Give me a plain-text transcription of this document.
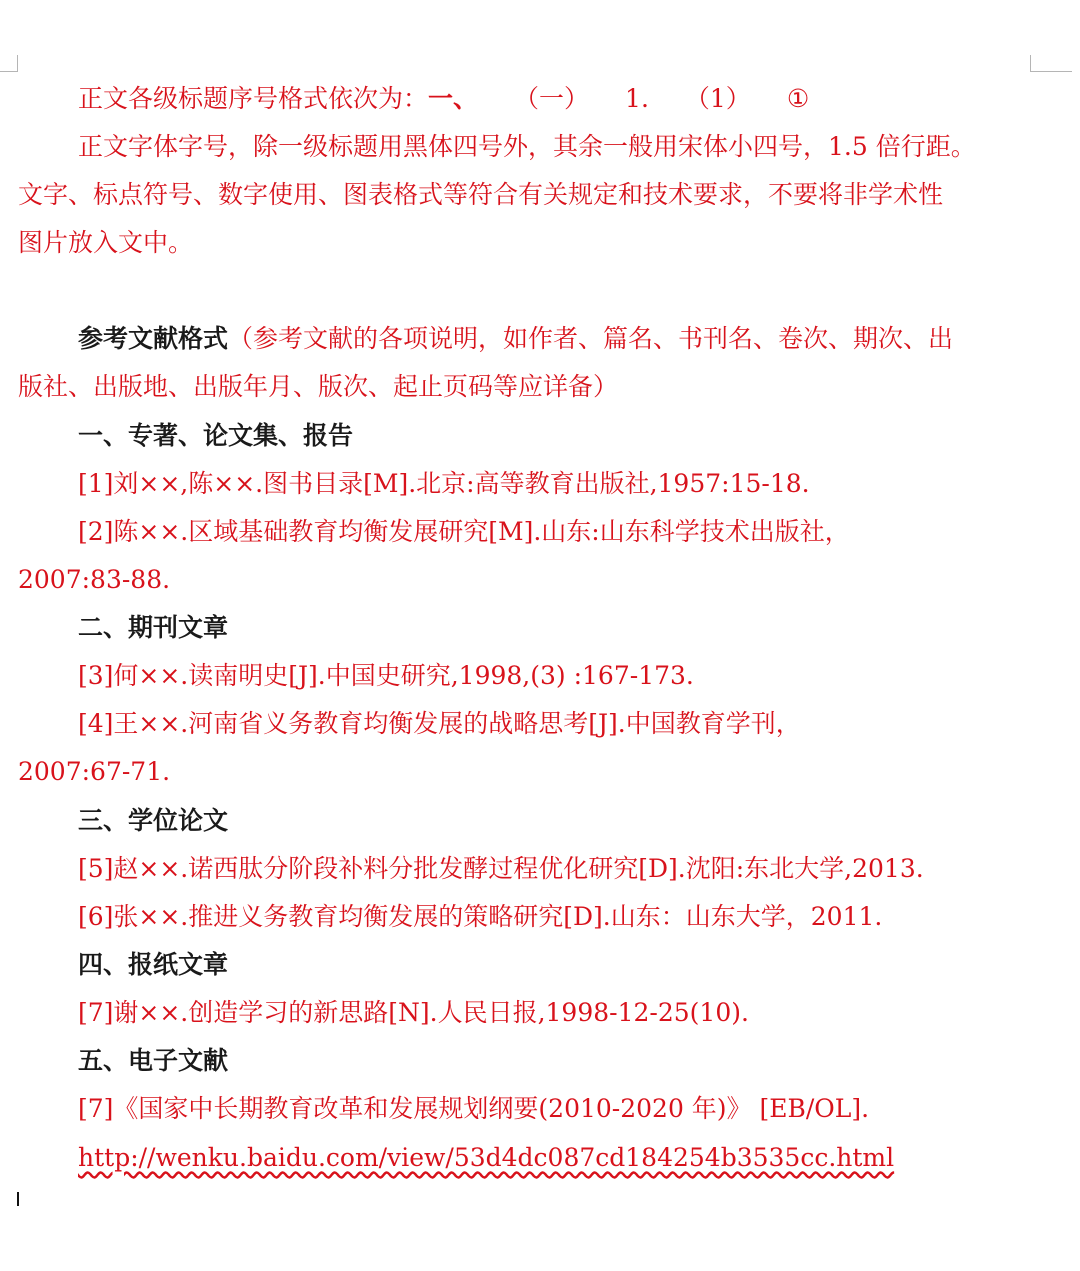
正文各级标题序号格式依次为：一、 （一） 1. （1） ①
正文字体字号，除一级标题用黑体四号外，其余一般用宋体小四号，1.5 倍行距。
文字、标点符号、数字使用、图表格式等符合有关规定和技术要求，不要将非学术性
图片放入文中。
参考文献格式（参考文献的各项说明，如作者、篇名、书刊名、卷次、期次、出
版社、出版地、出版年月、版次、起止页码等应详备）
一、专著、论文集、报告
[1]刘××,陈××.图书目录[M].北京:高等教育出版社,1957:15-18.
[2]陈××.区域基础教育均衡发展研究[M].山东:山东科学技术出版社，
2007:83-88.
二、期刊文章
[3]何××.读南明史[J].中国史研究,1998,(3) :167-173.
[4]王××.河南省义务教育均衡发展的战略思考[J].中国教育学刊，
2007:67-71.
三、学位论文
[5]赵××.诺西肽分阶段补料分批发酵过程优化研究[D].沈阳:东北大学,2013.
[6]张××.推进义务教育均衡发展的策略研究[D].山东：山东大学，2011.
四、报纸文章
[7]谢××.创造学习的新思路[N].人民日报,1998-12-25(10).
五、电子文献
[7]《国家中长期教育改革和发展规划纲要(2010-2020 年)》 [EB/OL].
http://wenku.baidu.com/view/53d4dc087cd184254b3535cc.html
